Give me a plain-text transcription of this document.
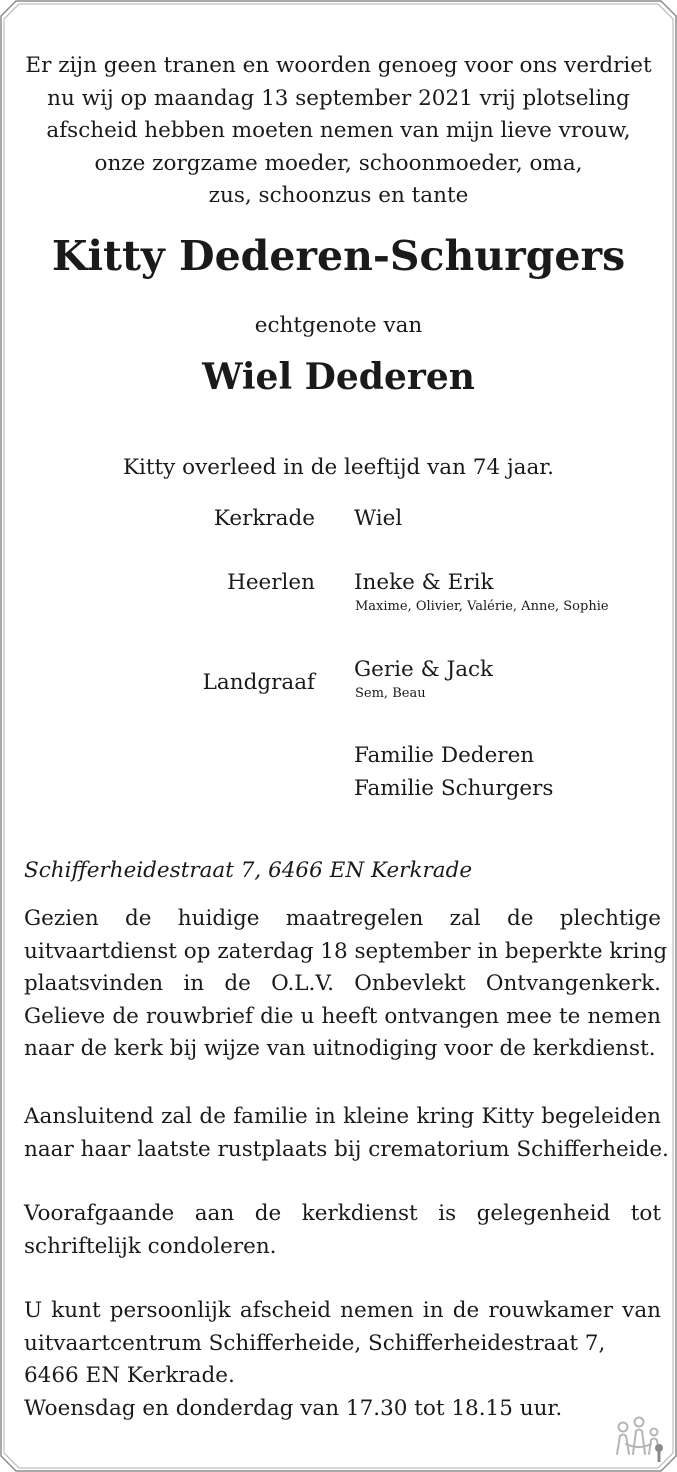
Er zijn geen tranen en woorden genoeg voor ons verdriet
nu wij op maandag 13 september 2021 vrij plotseling
afscheid hebben moeten nemen van mijn lieve vrouw,
onze zorgzame moeder, schoonmoeder, oma,
zus, schoonzus en tante
Kitty Dederen-Schurgers
echtgenote van
Wiel Dederen
Kitty overleed in de leeftijd van 74 jaar.
Kerkrade Wiel
Heerlen Ineke & Erik
Maxime, Olivier, Valérie, Anne, Sophie
Landgraaf
Gerie & Jack
Sem, Beau
Familie Dederen
Familie Schurgers
Schifferheidestraat 7, 6466 EN Kerkrade
Gezien de huidige maatregelen zal de plechtige
uitvaartdienst op zaterdag 18 september in beperkte kring
plaatsvinden in de O.L.V. Onbevlekt Ontvangenkerk.
Gelieve de rouwbrief die u heeft ontvangen mee te nemen
naar de kerk bij wijze van uitnodiging voor de kerkdienst.
Aansluitend zal de familie in kleine kring Kitty begeleiden
naar haar laatste rustplaats bij crematorium Schifferheide.
Voorafgaande aan de kerkdienst is gelegenheid tot
schriftelijk condoleren.
U kunt persoonlijk afscheid nemen in de rouwkamer van
uitvaartcentrum Schifferheide, Schifferheidestraat 7,
6466 EN Kerkrade.
Woensdag en donderdag van 17.30 tot 18.15 uur.
